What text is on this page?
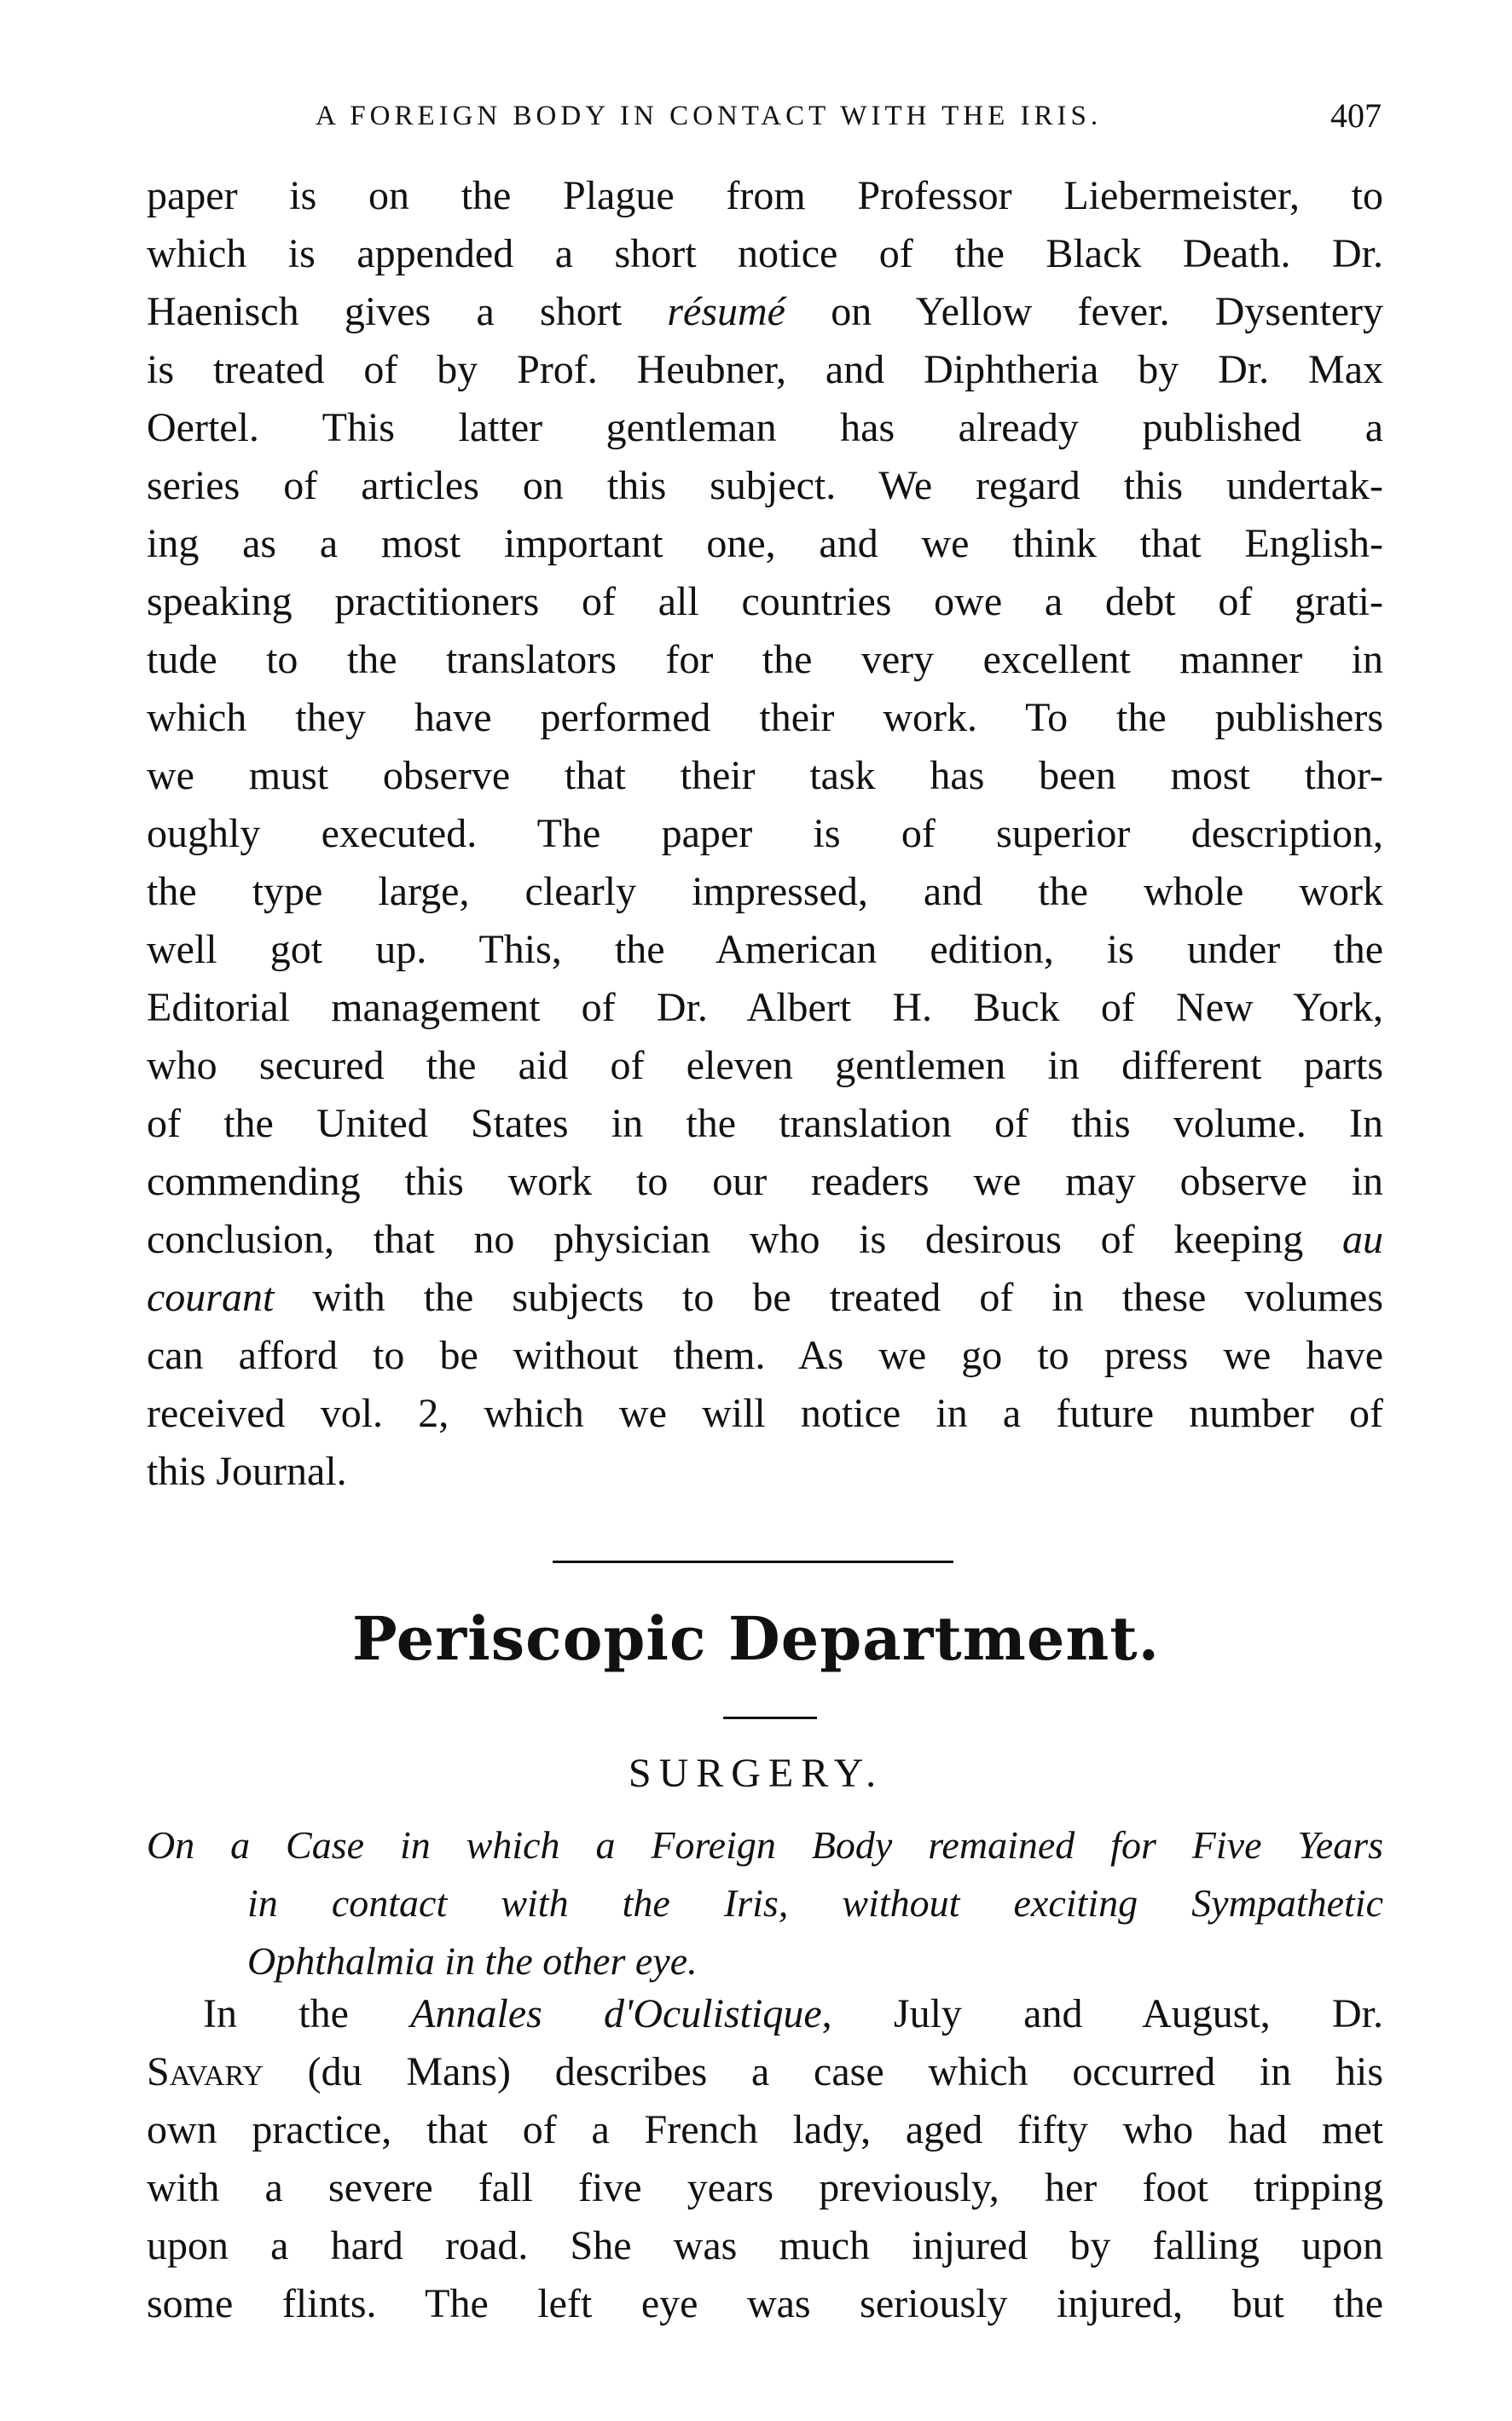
A FOREIGN BODY IN CONTACT WITH THE IRIS.	407
paper is on the Plague from Professor Liebermeister, to
which is appended a short notice of the Black Death. Dr.
Haenisch gives a short résumé on Yellow fever. Dysentery
is treated of by Prof. Heubner, and Diphtheria by Dr. Max
Oertel. This latter gentleman has already published a
series of articles on this subject. We regard this undertak-
ing as a most important one, and we think that English-
speaking practitioners of all countries owe a debt of grati-
tude to the translators for the very excellent manner in
which they have performed their work. To the publishers
we must observe that their task has been most thor-
oughly executed. The paper is of superior description,
the type large, clearly impressed, and the whole work
well got up. This, the American edition, is under the
Editorial management of Dr. Albert H. Buck of New York,
who secured the aid of eleven gentlemen in different parts
of the United States in the translation of this volume. In
commending this work to our readers we may observe in
conclusion, that no physician who is desirous of keeping au
courant with the subjects to be treated of in these volumes
can afford to be without them. As we go to press we have
received vol. 2, which we will notice in a future number of
this Journal.
Periscopic Department.
SURGERY.
On a Case in which a Foreign Body remained for Five Years
in contact with the Iris, without exciting Sympathetic
Ophthalmia in the other eye.
In the Annales d'Oculistique, July and August, Dr.
Savary (du Mans) describes a case which occurred in his
own practice, that of a French lady, aged fifty who had met
with a severe fall five years previously, her foot tripping
upon a hard road. She was much injured by falling upon
some flints. The left eye was seriously injured, but the
